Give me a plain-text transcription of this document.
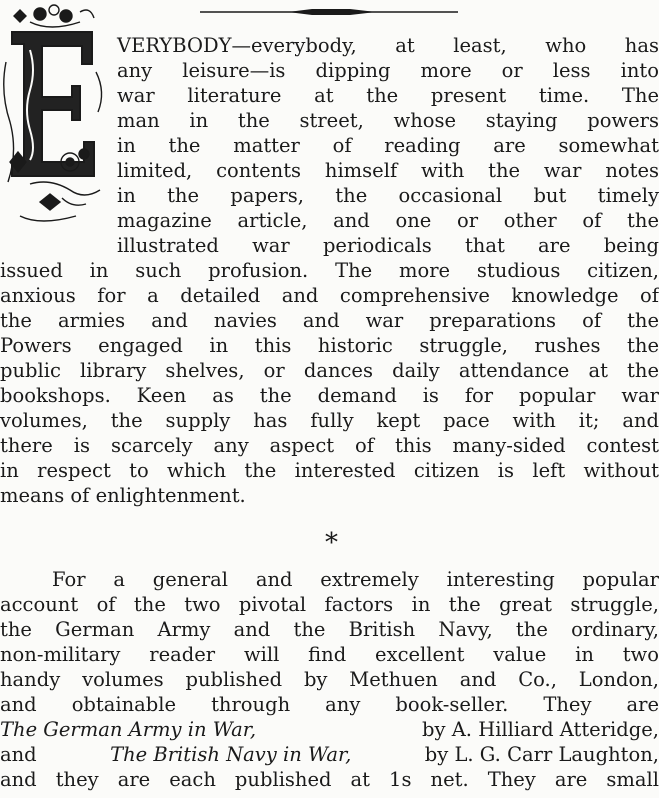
E
VERYBODY—everybody, at least, who has
any leisure—is dipping more or less into
war literature at the present time. The
man in the street, whose staying powers
in the matter of reading are somewhat
limited, contents himself with the war notes
in the papers, the occasional but timely
magazine article, and one or other of the
illustrated war periodicals that are being
issued in such profusion. The more studious citizen,
anxious for a detailed and comprehensive knowledge of
the armies and navies and war preparations of the
Powers engaged in this historic struggle, rushes the
public library shelves, or dances daily attendance at the
bookshops. Keen as the demand is for popular war
volumes, the supply has fully kept pace with it; and
there is scarcely any aspect of this many-sided contest
in respect to which the interested citizen is left without
means of enlightenment.
*
For a general and extremely interesting popular
account of the two pivotal factors in the great struggle,
the German Army and the British Navy, the ordinary,
non-military reader will find excellent value in two
handy volumes published by Methuen and Co., London,
and obtainable through any book-seller. They are
The German Army in War,	by A. Hilliard Atteridge,
and	The British Navy in War,	by L. G. Carr Laughton,
and they are each published at 1s net. They are small
